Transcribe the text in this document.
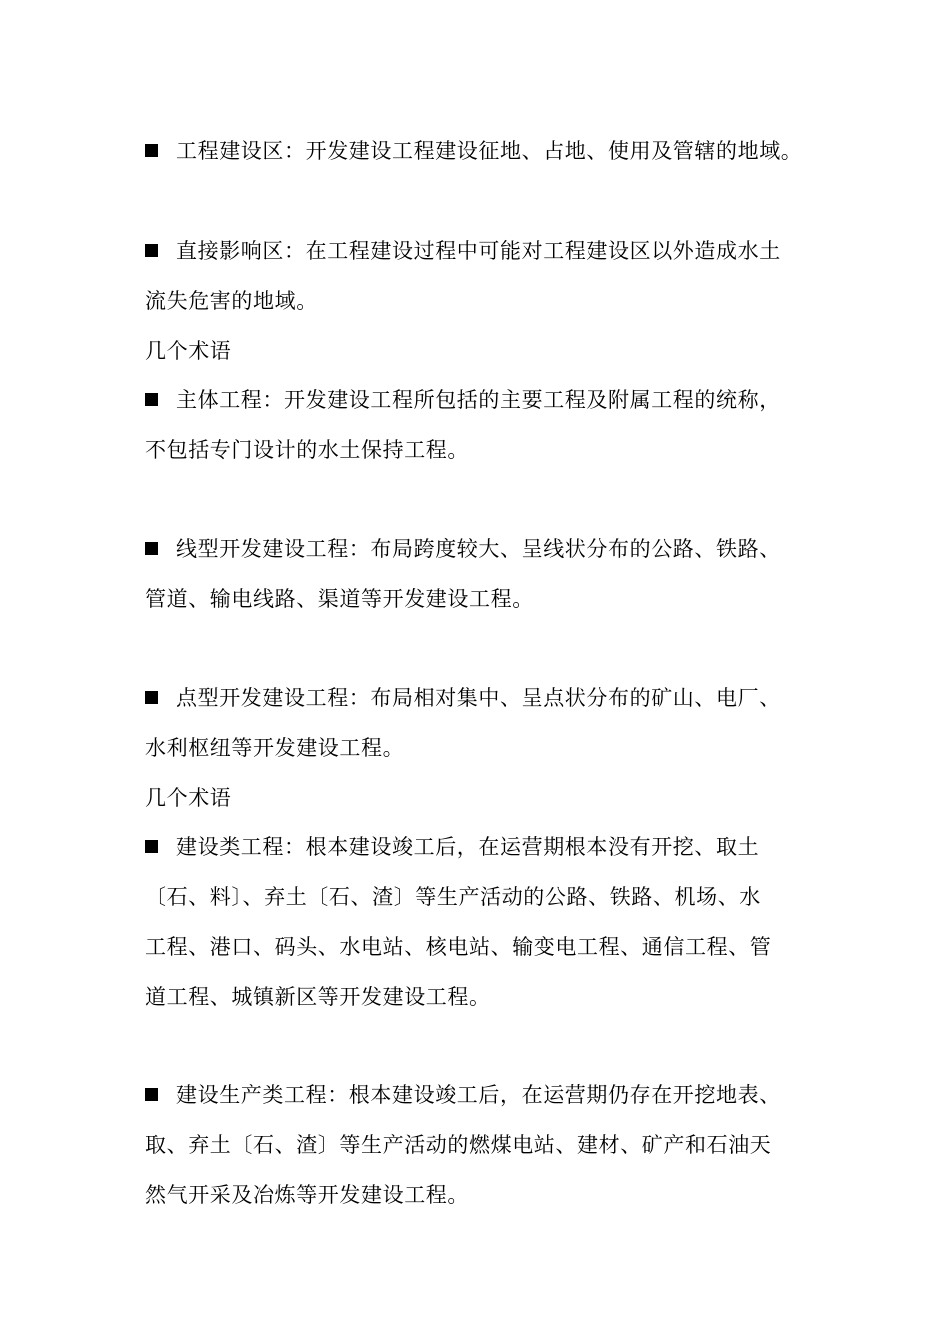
工程建设区：开发建设工程建设征地、占地、使用及管辖的地域。
直接影响区：在工程建设过程中可能对工程建设区以外造成水土
流失危害的地域。
几个术语
主体工程：开发建设工程所包括的主要工程及附属工程的统称，
不包括专门设计的水土保持工程。
线型开发建设工程：布局跨度较大、呈线状分布的公路、铁路、
管道、输电线路、渠道等开发建设工程。
点型开发建设工程：布局相对集中、呈点状分布的矿山、电厂、
水利枢纽等开发建设工程。
几个术语
建设类工程：根本建设竣工后，在运营期根本没有开挖、取土
〔石、料〕、弃土〔石、渣〕等生产活动的公路、铁路、机场、水
工程、港口、码头、水电站、核电站、输变电工程、通信工程、管
道工程、城镇新区等开发建设工程。
建设生产类工程：根本建设竣工后，在运营期仍存在开挖地表、
取、弃土〔石、渣〕等生产活动的燃煤电站、建材、矿产和石油天
然气开采及冶炼等开发建设工程。
